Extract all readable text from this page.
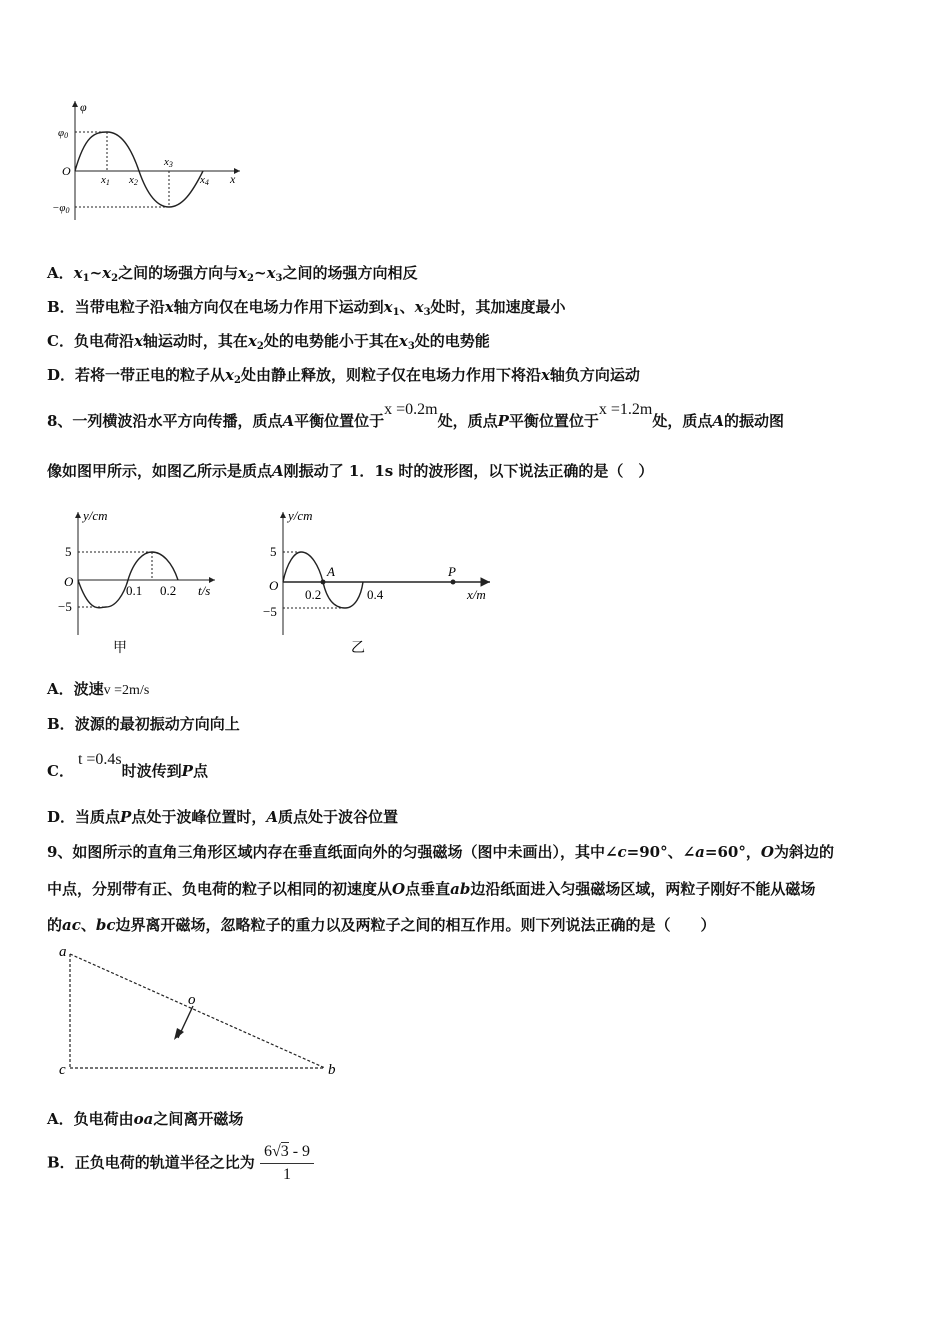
φ
x
O
φ0
−φ0
x1 x2
x3
x4
A．$x_1\sim x_2$之间的场强方向与$x_2\sim x_3$之间的场强方向相反
B．当带电粒子沿x轴方向仅在电场力作用下运动到$x_1$、$x_3$处时，其加速度最小
C．负电荷沿x轴运动时，其在$x_2$处的电势能小于其在$x_3$处的电势能
D．若将一带正电的粒子从$x_2$处由静止释放，则粒子仅在电场力作用下将沿x轴负方向运动
8、一列横波沿水平方向传播，质点A平衡位置位于x =0.2m处，质点P平衡位置位于x =1.2m处，质点A的振动图
像如图甲所示，如图乙所示是质点A刚振动了 1．1s 时的波形图，以下说法正确的是（　）
y/cm
t/s
O
5
−5
0.1 0.2
甲
y/cm
x/m
O
5
−5
0.2	0.4
A	P
乙
A．波速v =2m/s
B．波源的最初振动方向向上
C．t =0.4s时波传到P点
D．当质点P点处于波峰位置时，A质点处于波谷位置
9、如图所示的直角三角形区域内存在垂直纸面向外的匀强磁场（图中未画出），其中∠c=90°、∠a=60°，O为斜边的
中点，分别带有正、负电荷的粒子以相同的初速度从O点垂直ab边沿纸面进入匀强磁场区域，两粒子刚好不能从磁场
的ac、bc边界离开磁场，忽略粒子的重力以及两粒子之间的相互作用。则下列说法正确的是（　　）
a
b
c
o
A．负电荷由oa之间离开磁场
B．正负电荷的轨道半径之比为 $\frac{6√3 - 9}{1}$
